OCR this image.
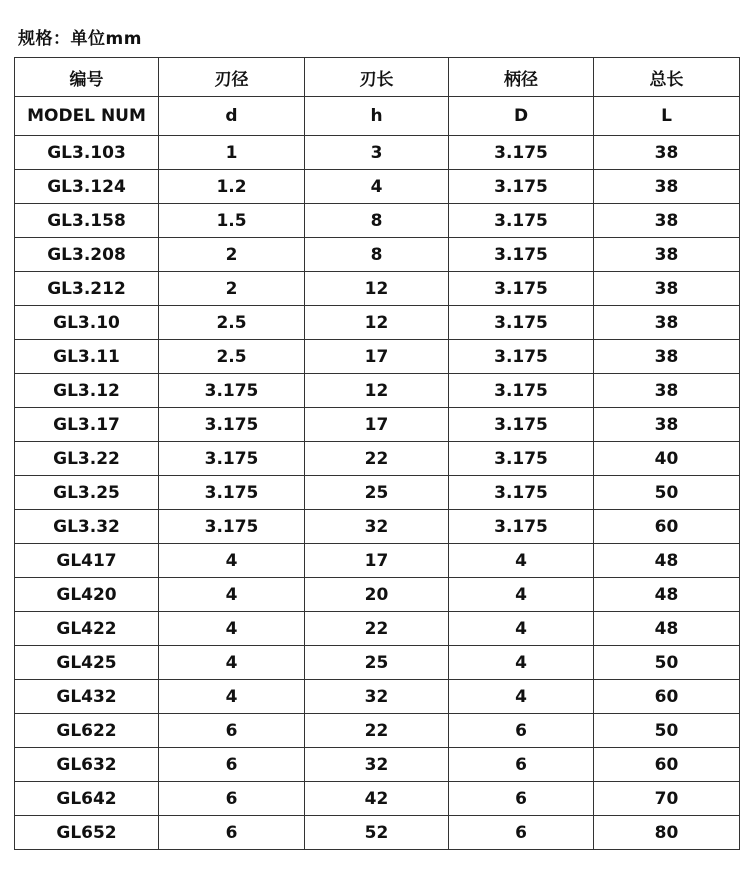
规格：单位mm
编号	刃径	刃长	柄径	总长
MODEL NUM	d	h	D	L
GL3.103	1	3	3.175	38
GL3.124	1.2	4	3.175	38
GL3.158	1.5	8	3.175	38
GL3.208	2	8	3.175	38
GL3.212	2	12	3.175	38
GL3.10	2.5	12	3.175	38
GL3.11	2.5	17	3.175	38
GL3.12	3.175	12	3.175	38
GL3.17	3.175	17	3.175	38
GL3.22	3.175	22	3.175	40
GL3.25	3.175	25	3.175	50
GL3.32	3.175	32	3.175	60
GL417	4	17	4	48
GL420	4	20	4	48
GL422	4	22	4	48
GL425	4	25	4	50
GL432	4	32	4	60
GL622	6	22	6	50
GL632	6	32	6	60
GL642	6	42	6	70
GL652	6	52	6	80
